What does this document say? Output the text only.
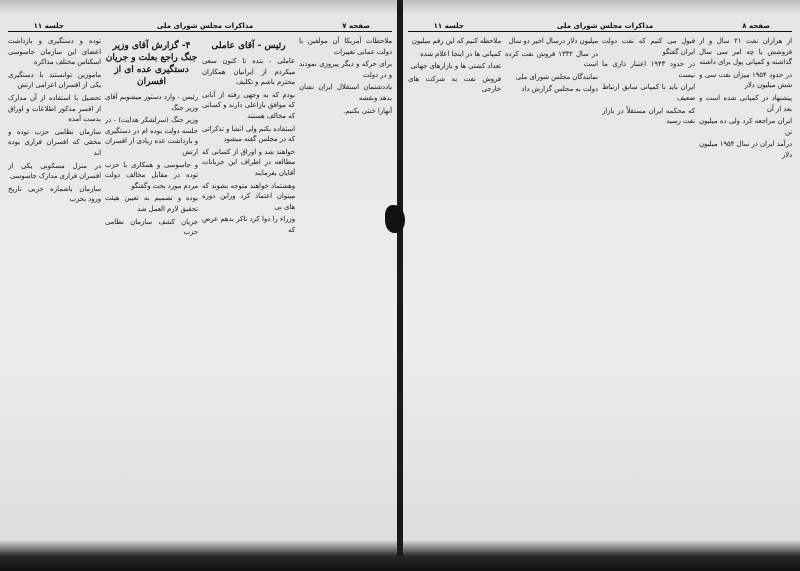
جلسه ۱۱	مذاکرات مجلس شورای ملی	صفحه ۷

ملاحظات آمریکا آن مولفین با دولت عمانی تغییرات

برای حرکه و دیگر پیروزی نمودند و در دولت

یاددشتمان استقلال ایران نشان بدهد ونقشه

آنهارا خنثی بکنیم.

رئیس - آقای عاملی

عاملی - بنده تا کنون سعی میکردم از ایرانیان همکاران محترم باشم و تکلیف

بودم که به وجهی رفته از آنانی که موافق بازاعلی دارند و کسانی که مخالف هستند

استفاده بکنم ولی انشا و تذکراتی که در مجلس گفته میشود

خواهند شد و اوراق از کسانی که مطالعه در اطراف این جریانات آقایان بفرمایند

وهشتماد خواهند متوجه بشوند که میتوان اعتماد کرد وراین دوره های بی

وزراء را دوا کرد تاکر بدهم عرض که

۴- گزارش آقای وزیر جنگ راجع بعلت و جریان دستگیری عده ای از افسران

رئیس - وارد دستور میشویم آقای وزیر جنگ

وزیر جنگ (سرلشکر هدایت) - در جلسه دولت بوده ام در دستگیری و بازداشت عده زیادی از افسران ارتش

و جاسوسی و همکاری با حزب توده در مقابل مخالف دولت مردم مورد بحث وگفتگو

بوده و تصمیم به تعیین هیئت تحقیق لازم العمل شد

جریان کشف سازمان نظامی حزب

توده و دستگیری و بازداشت اعضای این سازمان جاسوسی اسکناس مختلف مذاکره

مامورین توانستند با دستگیری یکی از افسران اعزامی ارتش

تحصیل با استفاده از آن مدارک از افسر مذکور اطلاعات و اوراق بدست آمده

سازمان نظامی حزب توده و مخفی که افسران فراری بوده اند

در منزل مسکونی یکی از افسران فراری مدارک جاسوسی

سازمان باشماره حزبی تاریخ ورود بحزب

جلسه ۱۱	مذاکرات مجلس شورای ملی	صفحه ۸

از هزاران نفت ۲۱ سال و از فروشش با چه امر سی سال گذاشته و کمپانی پول برای داشته

در حدود ۱۹۵۴ میزان نفت سی و شش میلیون دلار

پیشنهاد در کمپانی شده است و بعد از آن

ایران مراجعه کرد ولی ده میلیون تن

درآمد ایران در سال ۱۹۵۴ میلیون دلار

قبول می کنیم که نفت دولت ایران گفتگو

در حدود ۱۹۴۳ اعتبار داری ما نیست

ایران باید با کمپانی سابق ارتباط ضعیف

که محکمه ایران مستقلاً در بازار نفت رسید

میلیون دلار درسال اخیر دو سال

در سال ۱۳۳۲ فروش نفت کرده است

نمایندگان مجلس شورای ملی

دولت به مجلس گزارش داد

ملاحظه کنیم که این رقم میلیون

کمپانی ها در اینجا اعلام شده

تعداد کشتی ها و بازارهای جهانی

فروش نفت به شرکت های خارجی
